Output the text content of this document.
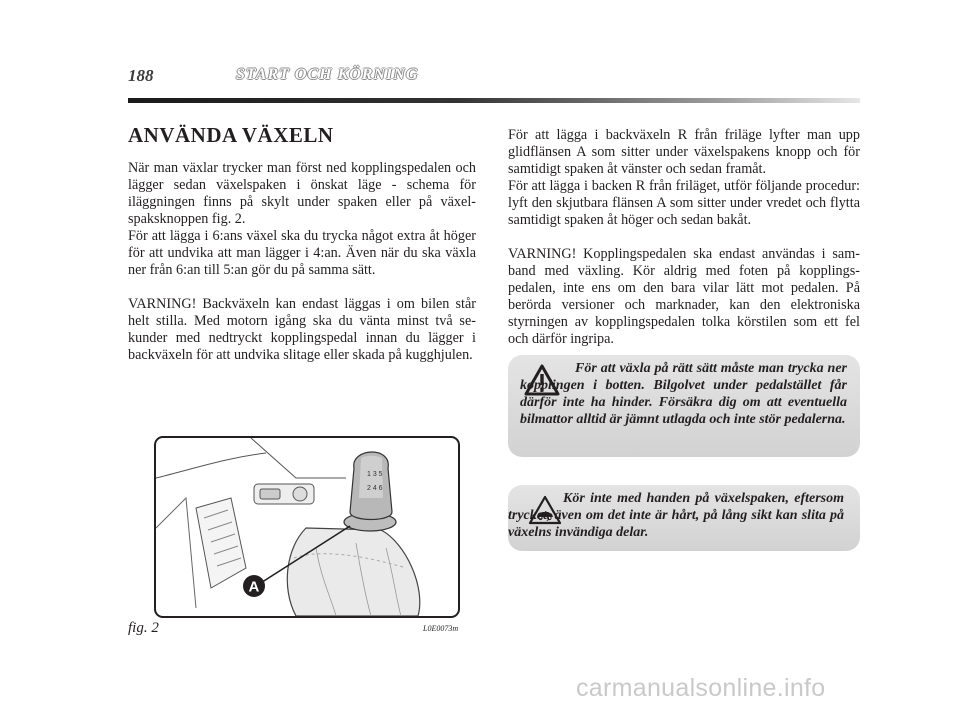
188	START OCH KÖRNING
ANVÄNDA VÄXELN

När man växlar trycker man först ned kopplingspedalen och lägger sedan växelspaken i önskat läge - schema för iläggningen finns på skylt under spaken eller på växelspaksknoppen fig. 2.
För att lägga i 6:ans växel ska du trycka något extra åt höger för att undvika att man lägger i 4:an. Även när du ska växla ner från 6:an till 5:an gör du på samma sätt.

VARNING! Backväxeln kan endast läggas i om bilen står helt stilla. Med motorn igång ska du vänta minst två sekunder med nedtryckt kopplingspedal innan du lägger i backväxeln för att undvika slitage eller skada på kugghjulen.

För att lägga i backväxeln R från friläge lyfter man upp glidflänsen A som sitter under växelspakens knopp och för samtidigt spaken åt vänster och sedan framåt.
För att lägga i backen R från friläget, utför följande procedur: lyft den skjutbara flänsen A som sitter under vredet och flytta samtidigt spaken åt höger och sedan bakåt.

VARNING! Kopplingspedalen ska endast användas i samband med växling. Kör aldrig med foten på kopplingspedalen, inte ens om den bara vilar lätt mot pedalen. På berörda versioner och marknader, kan den elektroniska styrningen av kopplingspedalen tolka körstilen som ett fel och därför ingripa.

För att växla på rätt sätt måste man trycka ner kopplingen i botten. Bilgolvet under pedalstället får därför inte ha hinder. Försäkra dig om att eventuella bilmattor alltid är jämnt utlagda och inte stör pedalerna.
Kör inte med handen på växelspaken, eftersom trycket, även om det inte är hårt, på lång sikt kan slita på växelns invändiga delar.
1 3 5
2 4 6
A
fig. 2	L0E0073m
carmanualsonline.info
